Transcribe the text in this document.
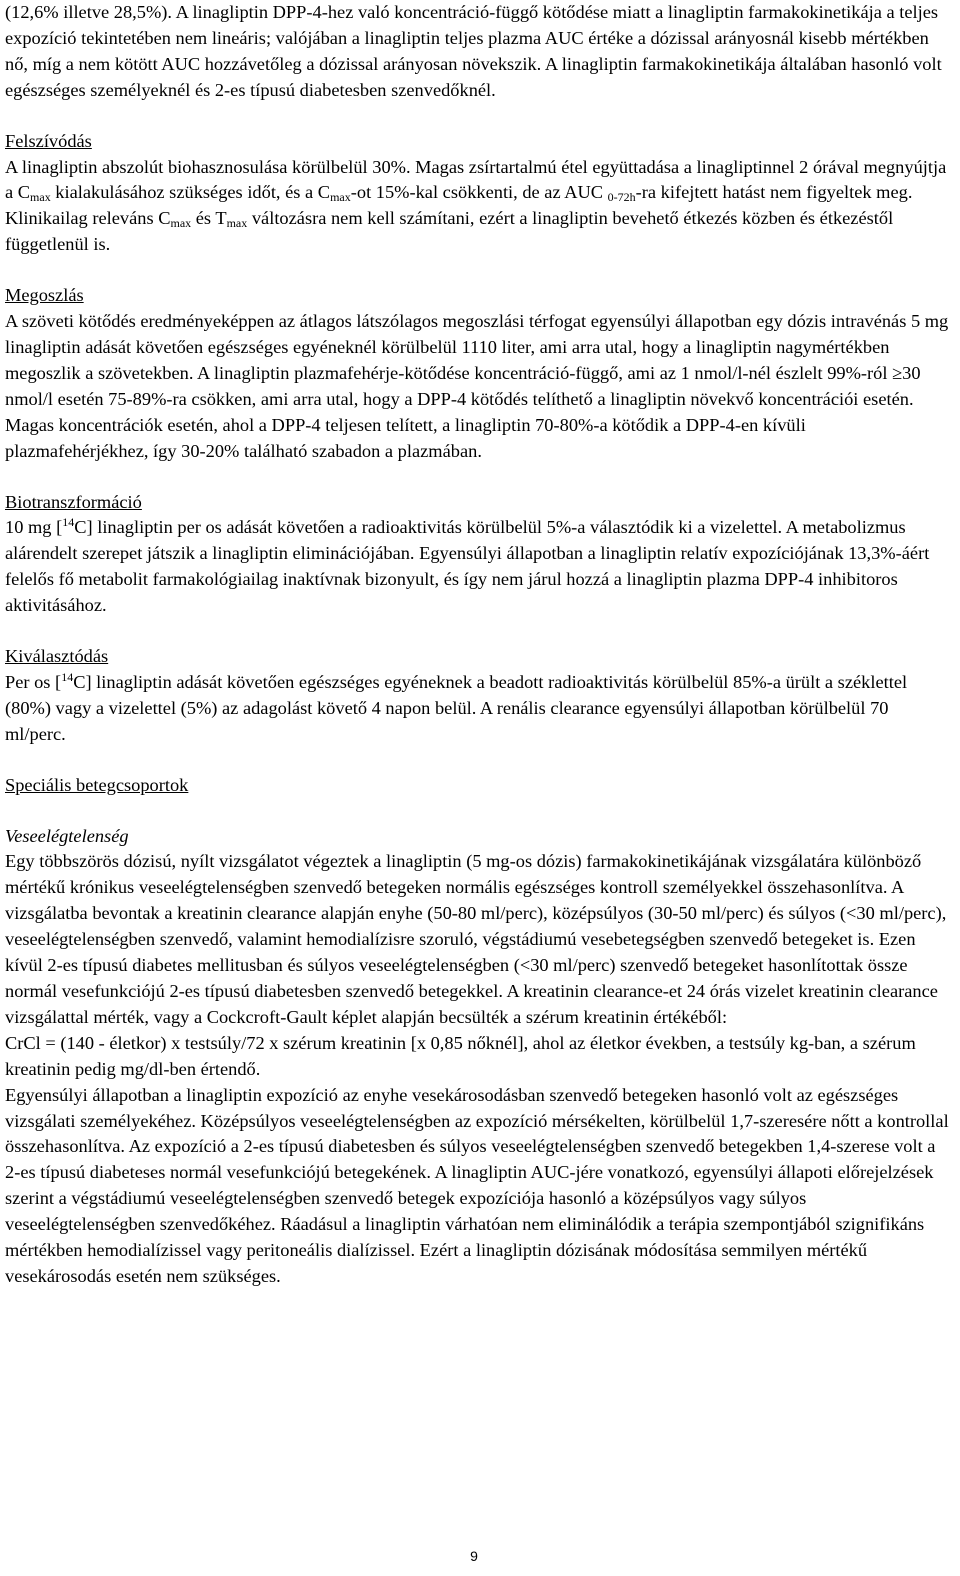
(12,6% illetve 28,5%). A linagliptin DPP-4-hez való koncentráció-függő kötődése miatt a linagliptin farmakokinetikája a teljes expozíció tekintetében nem lineáris; valójában a linagliptin teljes plazma AUC értéke a dózissal arányosnál kisebb mértékben nő, míg a nem kötött AUC hozzávetőleg a dózissal arányosan növekszik. A linagliptin farmakokinetikája általában hasonló volt egészséges személyeknél és 2-es típusú diabetesben szenvedőknél.

Felszívódás

A linagliptin abszolút biohasznosulása körülbelül 30%. Magas zsírtartalmú étel együttadása a linagliptinnel 2 órával megnyújtja a $C_{max}$ kialakulásához szükséges időt, és a $C_{max}-ot$ 15%-kal csökkenti, de az AUC $_{0-72h}$-ra kifejtett hatást nem figyeltek meg. Klinikailag releváns $C_{max}$ és $T_{max}$ változásra nem kell számítani, ezért a linagliptin bevehető étkezés közben és étkezéstől függetlenül is.

Megoszlás

A szöveti kötődés eredményeképpen az átlagos látszólagos megoszlási térfogat egyensúlyi állapotban egy dózis intravénás 5 mg linagliptin adását követően egészséges egyéneknél körülbelül 1110 liter, ami arra utal, hogy a linagliptin nagymértékben megoszlik a szövetekben. A linagliptin plazmafehérje-kötődése koncentráció-függő, ami az 1 nmol/l-nél észlelt 99%-ról ≥30 nmol/l esetén 75-89%-ra csökken, ami arra utal, hogy a DPP-4 kötődés telíthető a linagliptin növekvő koncentrációi esetén. Magas koncentrációk esetén, ahol a DPP-4 teljesen telített, a linagliptin 70-80%-a kötődik a DPP-4-en kívüli plazmafehérjékhez, így 30-20% található szabadon a plazmában.

Biotranszformáció

10 mg [$^{14}$C] linagliptin per os adását követően a radioaktivitás körülbelül 5%-a választódik ki a vizelettel. A metabolizmus alárendelt szerepet játszik a linagliptin eliminációjában. Egyensúlyi állapotban a linagliptin relatív expozíciójának 13,3%-áért felelős fő metabolit farmakológiailag inaktívnak bizonyult, és így nem járul hozzá a linagliptin plazma DPP-4 inhibitoros aktivitásához.

Kiválasztódás

Per os [$^{14}$C] linagliptin adását követően egészséges egyéneknek a beadott radioaktivitás körülbelül 85%-a ürült a széklettel (80%) vagy a vizelettel (5%) az adagolást követő 4 napon belül. A renális clearance egyensúlyi állapotban körülbelül 70 ml/perc.

Speciális betegcsoportok

Veseelégtelenség

Egy többszörös dózisú, nyílt vizsgálatot végeztek a linagliptin (5 mg-os dózis) farmakokinetikájának vizsgálatára különböző mértékű krónikus veseelégtelenségben szenvedő betegeken normális egészséges kontroll személyekkel összehasonlítva. A vizsgálatba bevontak a kreatinin clearance alapján enyhe (50-80 ml/perc), középsúlyos (30-50 ml/perc) és súlyos (<30 ml/perc), veseelégtelenségben szenvedő, valamint hemodialízisre szoruló, végstádiumú vesebetegségben szenvedő betegeket is. Ezen kívül 2-es típusú diabetes mellitusban és súlyos veseelégtelenségben (<30 ml/perc) szenvedő betegeket hasonlítottak össze normál vesefunkciójú 2-es típusú diabetesben szenvedő betegekkel. A kreatinin clearance-et 24 órás vizelet kreatinin clearance vizsgálattal mérték, vagy a Cockcroft-Gault képlet alapján becsülték a szérum kreatinin értékéből:

CrCl = (140 - életkor) x testsúly/72 x szérum kreatinin [x 0,85 nőknél], ahol az életkor években, a testsúly kg-ban, a szérum kreatinin pedig mg/dl-ben értendő.

Egyensúlyi állapotban a linagliptin expozíció az enyhe vesekárosodásban szenvedő betegeken hasonló volt az egészséges vizsgálati személyekéhez. Középsúlyos veseelégtelenségben az expozíció mérsékelten, körülbelül 1,7-szeresére nőtt a kontrollal összehasonlítva. Az expozíció a 2-es típusú diabetesben és súlyos veseelégtelenségben szenvedő betegekben 1,4-szerese volt a 2-es típusú diabeteses normál vesefunkciójú betegekének. A linagliptin AUC-jére vonatkozó, egyensúlyi állapoti előrejelzések szerint a végstádiumú veseelégtelenségben szenvedő betegek expozíciója hasonló a középsúlyos vagy súlyos veseelégtelenségben szenvedőkéhez. Ráadásul a linagliptin várhatóan nem eliminálódik a terápia szempontjából szignifikáns mértékben hemodialízissel vagy peritoneális dialízissel. Ezért a linagliptin dózisának módosítása semmilyen mértékű vesekárosodás esetén nem szükséges.

9
